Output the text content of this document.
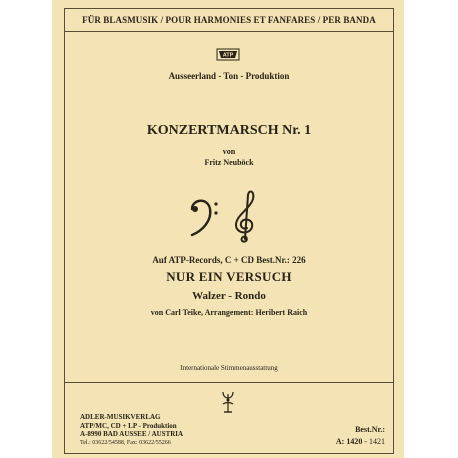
FÜR BLASMUSIK / POUR HARMONIES ET FANFARES / PER BANDA
ATP
Ausseerland - Ton - Produktion
KONZERTMARSCH Nr. 1
von
Fritz Neuböck
Auf ATP-Records, C + CD Best.Nr.: 226
NUR EIN VERSUCH
Walzer - Rondo
von Carl Teike, Arrangement: Heribert Raich
Internationale Stimmenausstattung
ADLER-MUSIKVERLAG
ATP/MC, CD + LP - Produktion
A-8990 BAD AUSSEE / AUSTRIA
Tel.: 03622/54588, Fax: 03622/55266
Best.Nr.:
A: 1420 - 1421
